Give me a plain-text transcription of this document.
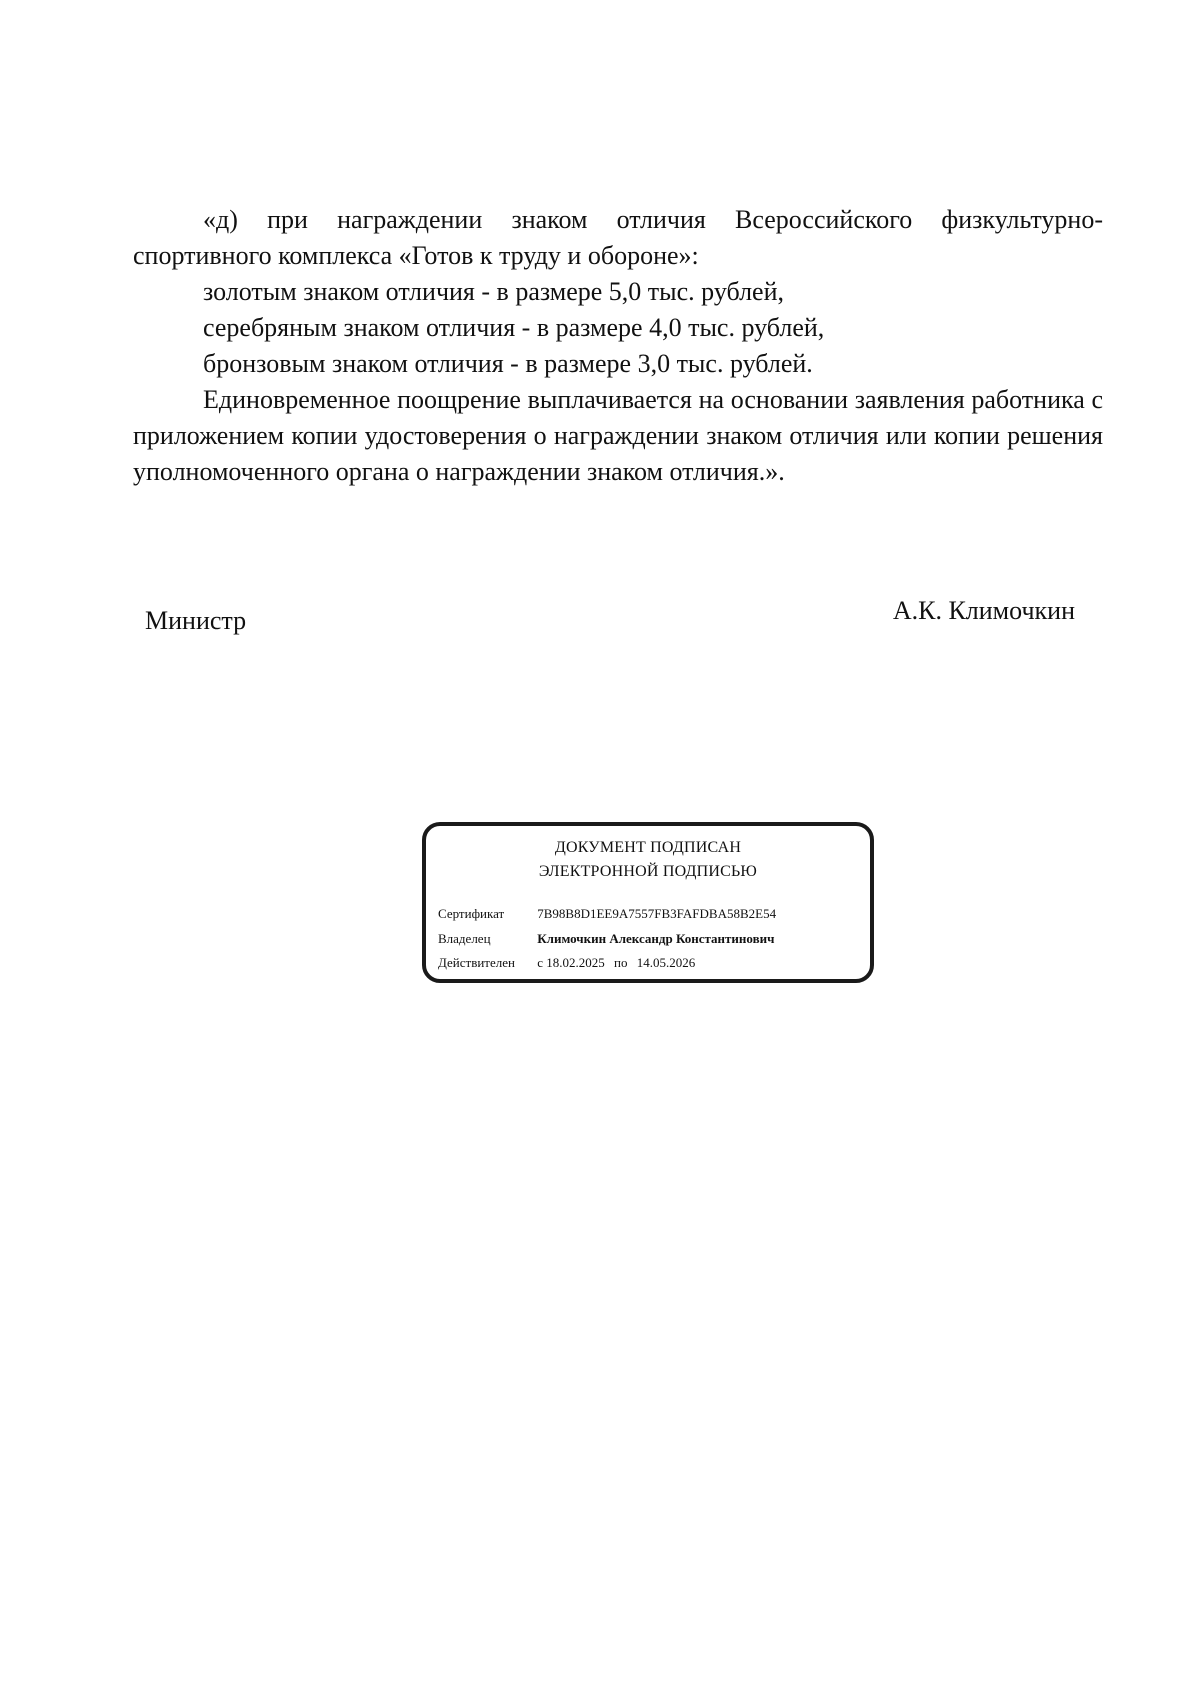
«д) при награждении знаком отличия Всероссийского физкультурно-спортивного комплекса «Готов к труду и обороне»:

золотым знаком отличия - в размере 5,0 тыс. рублей,

серебряным знаком отличия - в размере 4,0 тыс. рублей,

бронзовым знаком отличия - в размере 3,0 тыс. рублей.

Единовременное поощрение выплачивается на основании заявления работника с приложением копии удостоверения о награждении знаком отличия или копии решения уполномоченного органа о награждении знаком отличия.».

Министр	А.К. Климочкин
ДОКУМЕНТ ПОДПИСАН
ЭЛЕКТРОННОЙ ПОДПИСЬЮ
Сертификат	7B98B8D1EE9A7557FB3FAFDBA58B2E54
Владелец	Климочкин Александр Константинович
Действителен с 18.02.2025 по 14.05.2026
